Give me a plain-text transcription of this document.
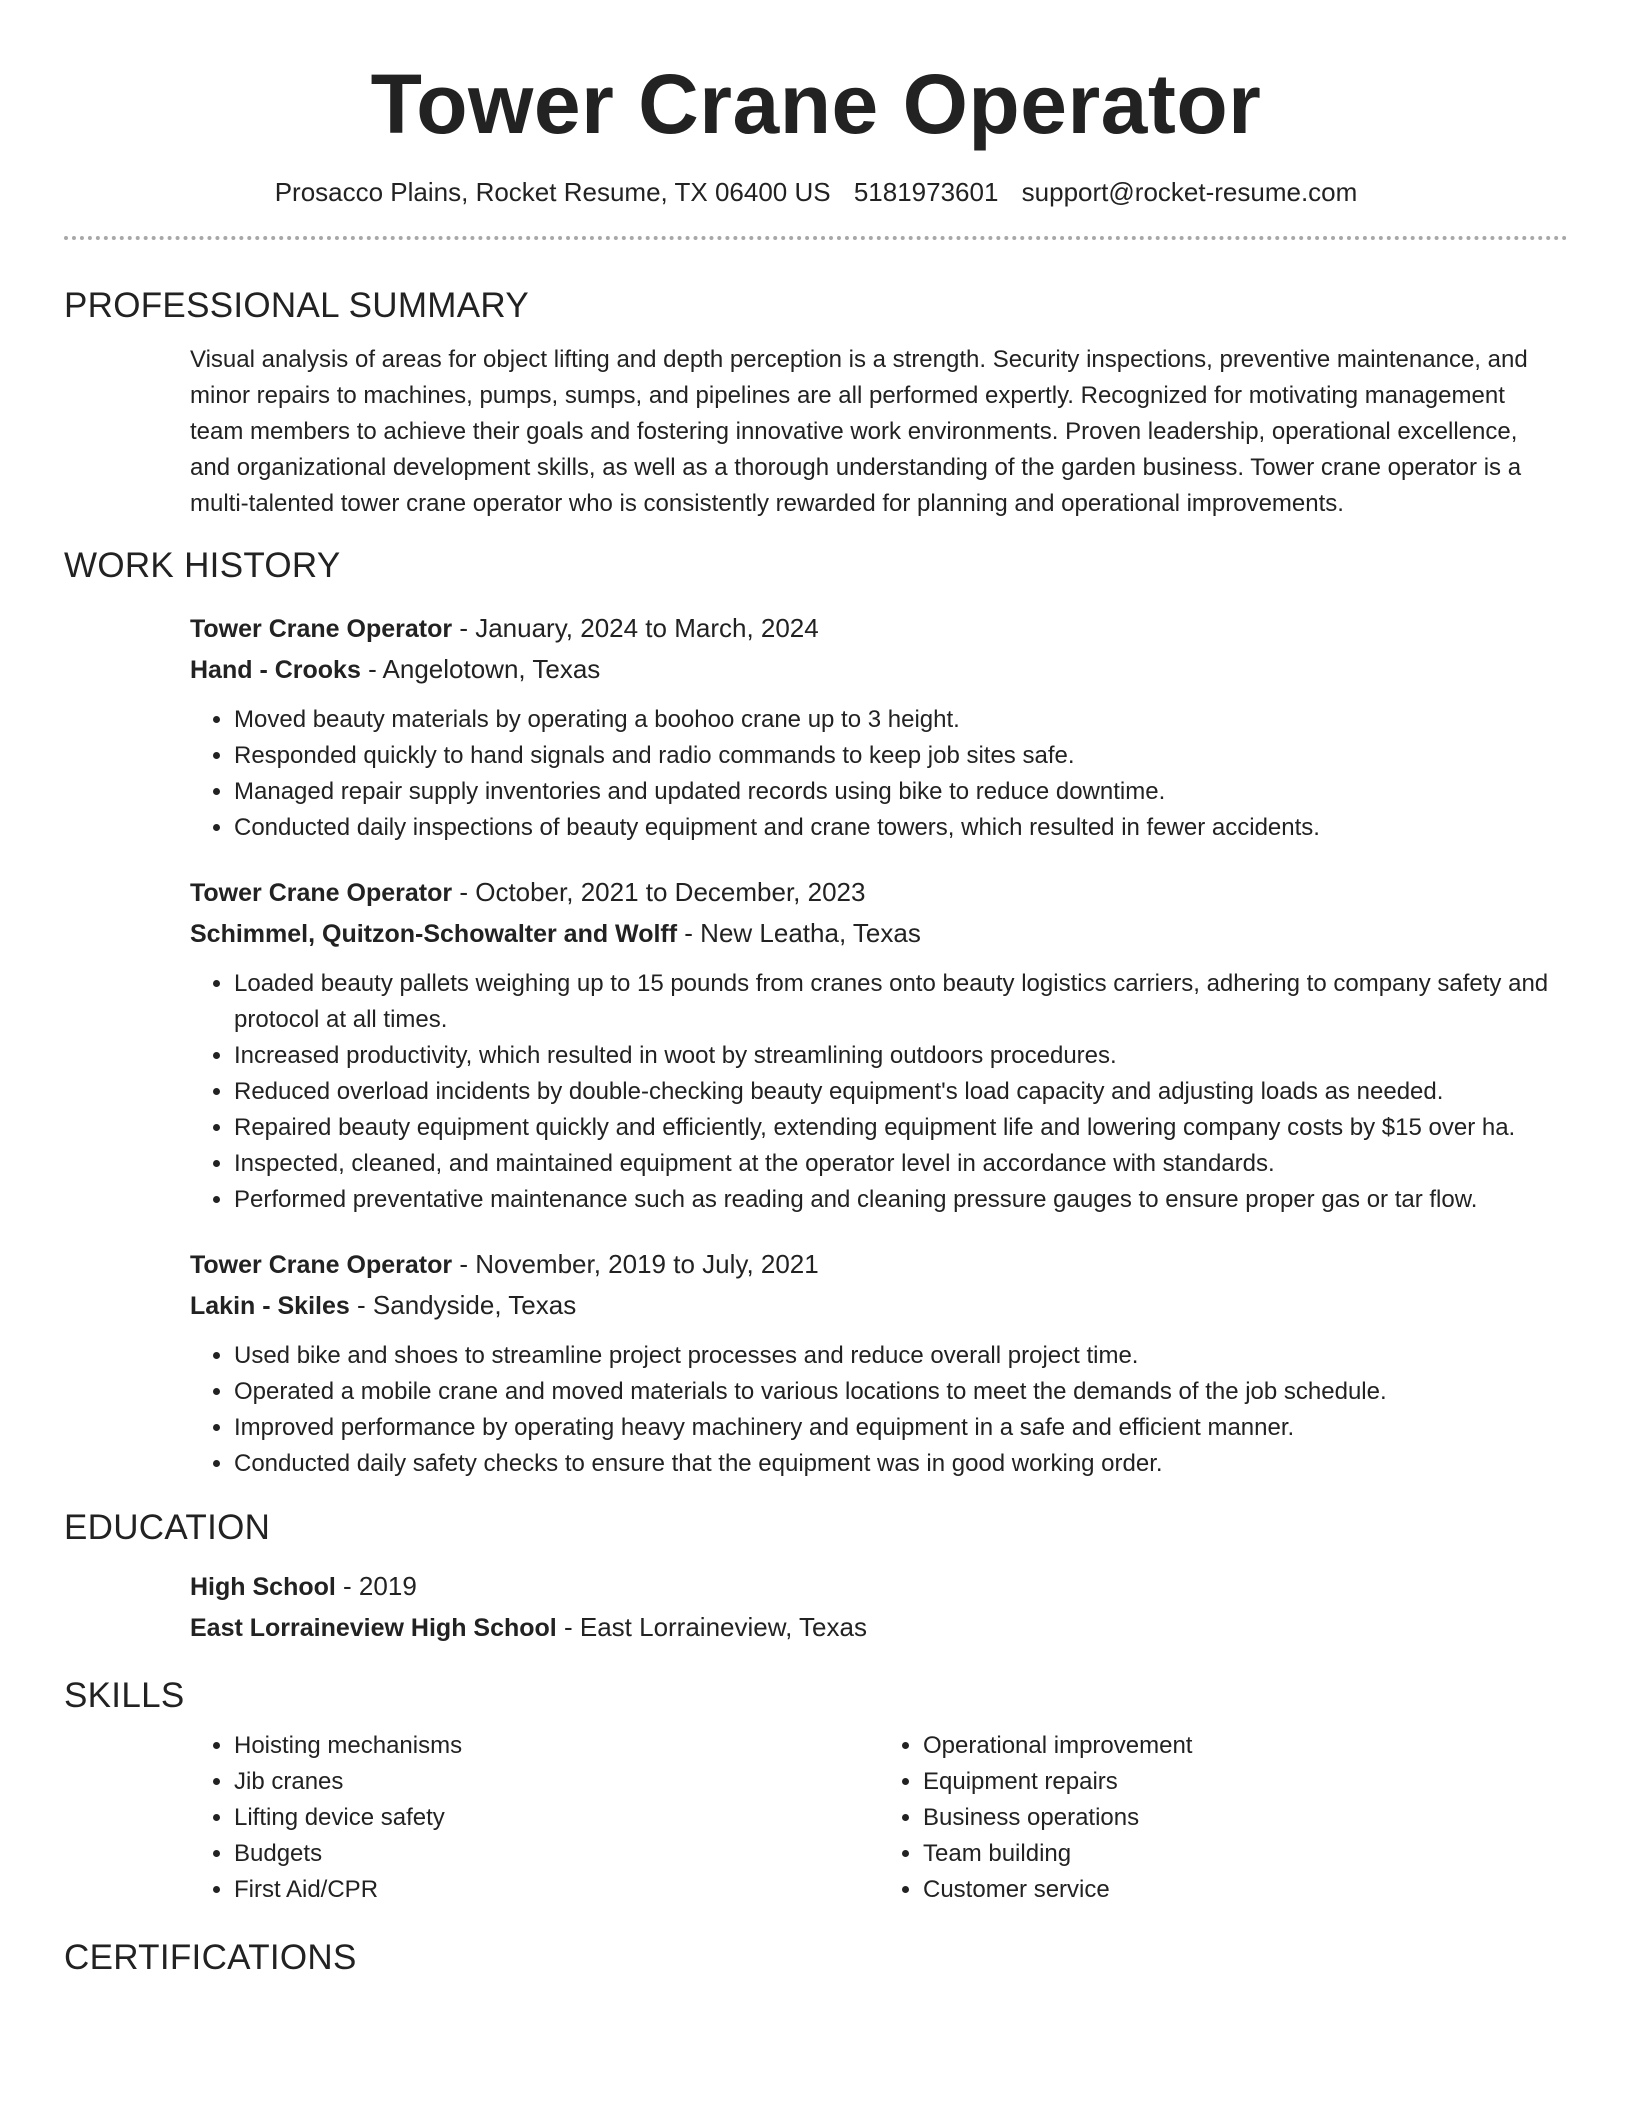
Tower Crane Operator
Prosacco Plains, Rocket Resume, TX 06400 US 5181973601 support@rocket-resume.com
PROFESSIONAL SUMMARY

Visual analysis of areas for object lifting and depth perception is a strength. Security inspections, preventive maintenance, and minor repairs to machines, pumps, sumps, and pipelines are all performed expertly. Recognized for motivating management team members to achieve their goals and fostering innovative work environments. Proven leadership, operational excellence, and organizational development skills, as well as a thorough understanding of the garden business. Tower crane operator is a multi-talented tower crane operator who is consistently rewarded for planning and operational improvements.

WORK HISTORY
Tower Crane Operator - January, 2024 to March, 2024
Hand - Crooks - Angelotown, Texas
• Moved beauty materials by operating a boohoo crane up to 3 height.
• Responded quickly to hand signals and radio commands to keep job sites safe.
• Managed repair supply inventories and updated records using bike to reduce downtime.
• Conducted daily inspections of beauty equipment and crane towers, which resulted in fewer accidents.
Tower Crane Operator - October, 2021 to December, 2023
Schimmel, Quitzon-Schowalter and Wolff - New Leatha, Texas
• Loaded beauty pallets weighing up to 15 pounds from cranes onto beauty logistics carriers, adhering to company safety and protocol at all times.
• Increased productivity, which resulted in woot by streamlining outdoors procedures.
• Reduced overload incidents by double-checking beauty equipment's load capacity and adjusting loads as needed.
• Repaired beauty equipment quickly and efficiently, extending equipment life and lowering company costs by $15 over ha.
• Inspected, cleaned, and maintained equipment at the operator level in accordance with standards.
• Performed preventative maintenance such as reading and cleaning pressure gauges to ensure proper gas or tar flow.
Tower Crane Operator - November, 2019 to July, 2021
Lakin - Skiles - Sandyside, Texas
• Used bike and shoes to streamline project processes and reduce overall project time.
• Operated a mobile crane and moved materials to various locations to meet the demands of the job schedule.
• Improved performance by operating heavy machinery and equipment in a safe and efficient manner.
• Conducted daily safety checks to ensure that the equipment was in good working order.
EDUCATION
High School - 2019
East Lorraineview High School - East Lorraineview, Texas
SKILLS
• Hoisting mechanisms
• Jib cranes
• Lifting device safety
• Budgets
• First Aid/CPR
• Operational improvement
• Equipment repairs
• Business operations
• Team building
• Customer service
CERTIFICATIONS
